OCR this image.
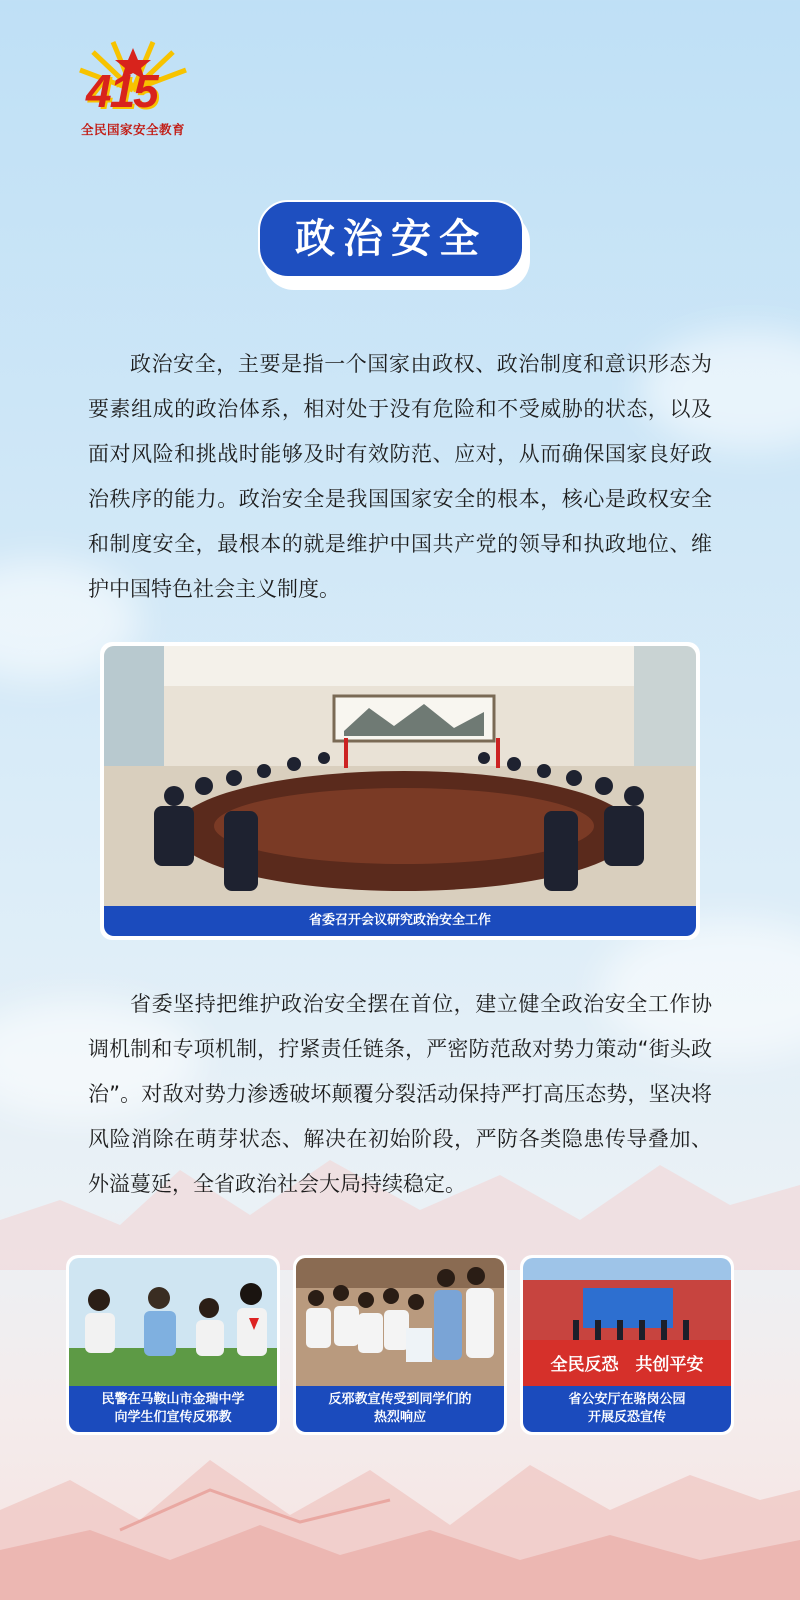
415
全民国家安全教育
政治安全

政治安全，主要是指一个国家由政权、政治制度和意识形态为要素组成的政治体系，相对处于没有危险和不受威胁的状态，以及面对风险和挑战时能够及时有效防范、应对，从而确保国家良好政治秩序的能力。政治安全是我国国家安全的根本，核心是政权安全和制度安全，最根本的就是维护中国共产党的领导和执政地位、维护中国特色社会主义制度。

省委召开会议研究政治安全工作

省委坚持把维护政治安全摆在首位，建立健全政治安全工作协调机制和专项机制，拧紧责任链条，严密防范敌对势力策动“街头政治”。对敌对势力渗透破坏颠覆分裂活动保持严打高压态势，坚决将风险消除在萌芽状态、解决在初始阶段，严防各类隐患传导叠加、外溢蔓延，全省政治社会大局持续稳定。

民警在马鞍山市金瑞中学
向学生们宣传反邪教
反邪教宣传受到同学们的
热烈响应
全民反恐　共创平安
省公安厅在骆岗公园
开展反恐宣传
